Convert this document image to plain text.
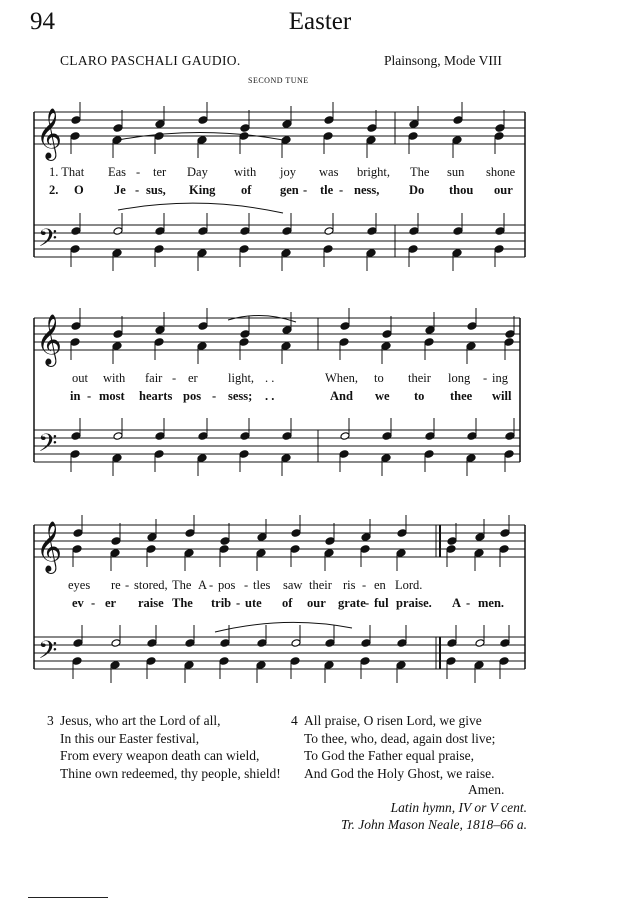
94	Easter
CLARO PASCHALI GAUDIO.	Plainsong, Mode VIII
SECOND TUNE
𝄞
𝄢
𝄞
𝄢
𝄞
𝄢
1. That Eas - ter Day with joy was bright, The sun shone
2. O Je - sus, King of gen - tle - ness, Do thou our
out with fair - er light, . .	When, to their long - ing
in - most hearts pos - sess; . .	And we to thee will
eyes re - stored, The A - pos - tles saw their ris - en Lord.
ev - er raise The trib - ute of our grate - ful praise. A - men.
3 Jesus, who art the Lord of all,
In this our Easter festival,
From every weapon death can wield,
Thine own redeemed, thy people, shield!
4 All praise, O risen Lord, we give
To thee, who, dead, again dost live;
To God the Father equal praise,
And God the Holy Ghost, we raise.
Amen.
Latin hymn, IV or V cent.
Tr. John Mason Neale, 1818–66 a.
